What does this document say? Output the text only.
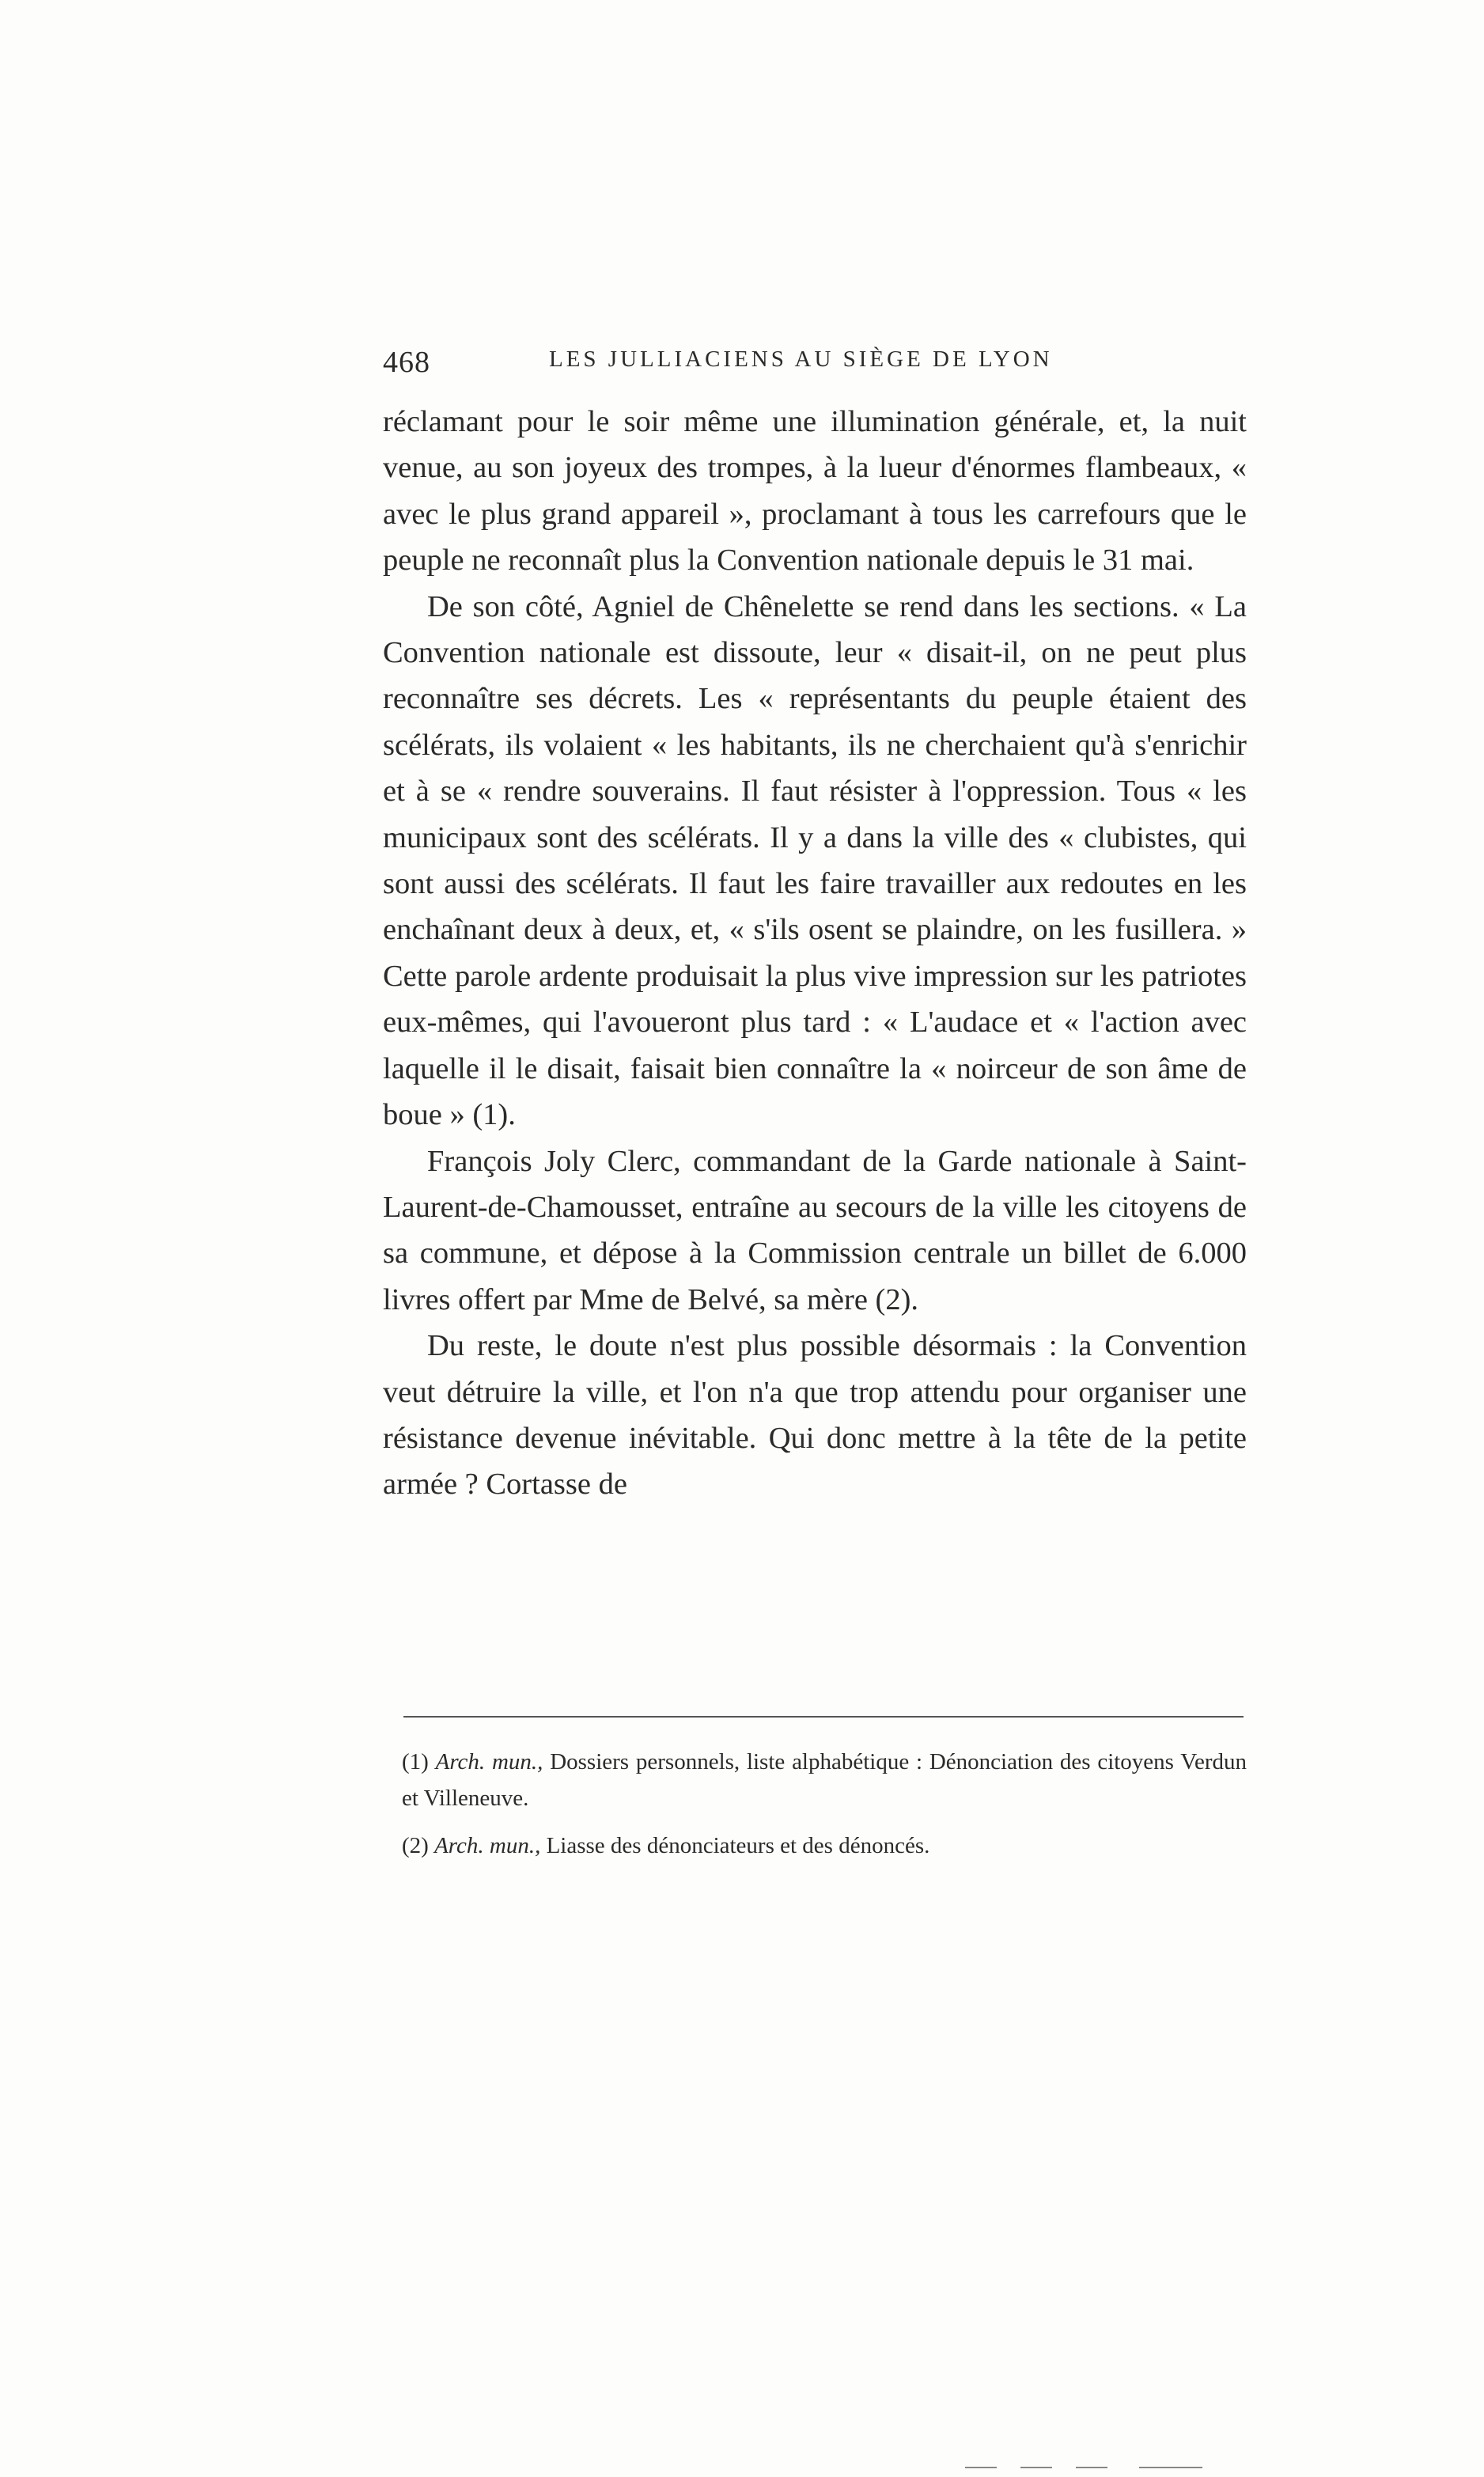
468	LES JULLIACIENS AU SIÈGE DE LYON

réclamant pour le soir même une illumination générale, et, la nuit venue, au son joyeux des trompes, à la lueur d'énormes flambeaux, « avec le plus grand appareil », proclamant à tous les carrefours que le peuple ne reconnaît plus la Convention nationale depuis le 31 mai.

De son côté, Agniel de Chênelette se rend dans les sections. « La Convention nationale est dissoute, leur « disait-il, on ne peut plus reconnaître ses décrets. Les « représentants du peuple étaient des scélérats, ils volaient « les habitants, ils ne cherchaient qu'à s'enrichir et à se « rendre souverains. Il faut résister à l'oppression. Tous « les municipaux sont des scélérats. Il y a dans la ville des « clubistes, qui sont aussi des scélérats. Il faut les faire travailler aux redoutes en les enchaînant deux à deux, et, « s'ils osent se plaindre, on les fusillera. » Cette parole ardente produisait la plus vive impression sur les patriotes eux-mêmes, qui l'avoueront plus tard : « L'audace et « l'action avec laquelle il le disait, faisait bien connaître la « noirceur de son âme de boue » (1).

François Joly Clerc, commandant de la Garde nationale à Saint-Laurent-de-Chamousset, entraîne au secours de la ville les citoyens de sa commune, et dépose à la Commission centrale un billet de 6.000 livres offert par Mme de Belvé, sa mère (2).

Du reste, le doute n'est plus possible désormais : la Convention veut détruire la ville, et l'on n'a que trop attendu pour organiser une résistance devenue inévitable. Qui donc mettre à la tête de la petite armée ? Cortasse de

(1) Arch. mun., Dossiers personnels, liste alphabétique : Dénonciation des citoyens Verdun et Villeneuve.

(2) Arch. mun., Liasse des dénonciateurs et des dénoncés.
